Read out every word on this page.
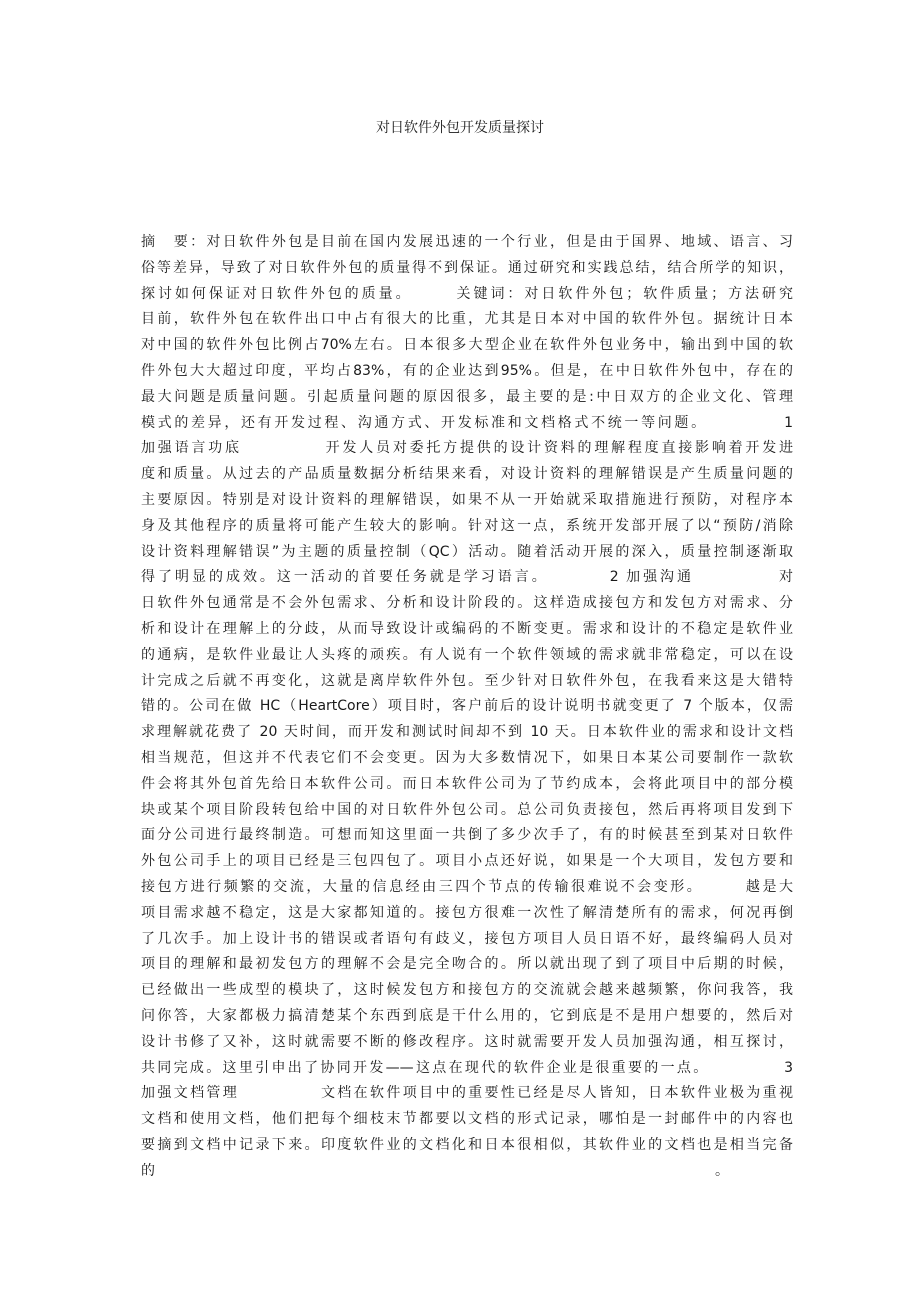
对日软件外包开发质量探讨
摘　要：对日软件外包是目前在国内发展迅速的一个行业，但是由于国界、地域、语言、习
俗等差异，导致了对日软件外包的质量得不到保证。通过研究和实践总结，结合所学的知识，
探讨如何保证对日软件外包的质量。　　　关键词：对日软件外包；软件质量；方法研究
目前，软件外包在软件出口中占有很大的比重，尤其是日本对中国的软件外包。据统计日本
对中国的软件外包比例占70%左右。日本很多大型企业在软件外包业务中，输出到中国的软
件外包大大超过印度，平均占83%，有的企业达到95%。但是，在中日软件外包中，存在的
最大问题是质量问题。引起质量问题的原因很多，最主要的是:中日双方的企业文化、管理
模式的差异，还有开发过程、沟通方式、开发标准和文档格式不统一等问题。　　　　　1
加强语言功底　　　　　开发人员对委托方提供的设计资料的理解程度直接影响着开发进
度和质量。从过去的产品质量数据分析结果来看，对设计资料的理解错误是产生质量问题的
主要原因。特别是对设计资料的理解错误，如果不从一开始就采取措施进行预防，对程序本
身及其他程序的质量将可能产生较大的影响。针对这一点，系统开发部开展了以“预防/消除
设计资料理解错误”为主题的质量控制（QC）活动。随着活动开展的深入，质量控制逐渐取
得了明显的成效。这一活动的首要任务就是学习语言。　　　　2 加强沟通　　　　　对
日软件外包通常是不会外包需求、分析和设计阶段的。这样造成接包方和发包方对需求、分
析和设计在理解上的分歧，从而导致设计或编码的不断变更。需求和设计的不稳定是软件业
的通病，是软件业最让人头疼的顽疾。有人说有一个软件领域的需求就非常稳定，可以在设
计完成之后就不再变化，这就是离岸软件外包。至少针对日软件外包，在我看来这是大错特
错的。公司在做 HC（HeartCore）项目时，客户前后的设计说明书就变更了 7 个版本，仅需
求理解就花费了 20 天时间，而开发和测试时间却不到 10 天。日本软件业的需求和设计文档
相当规范，但这并不代表它们不会变更。因为大多数情况下，如果日本某公司要制作一款软
件会将其外包首先给日本软件公司。而日本软件公司为了节约成本，会将此项目中的部分模
块或某个项目阶段转包给中国的对日软件外包公司。总公司负责接包，然后再将项目发到下
面分公司进行最终制造。可想而知这里面一共倒了多少次手了，有的时候甚至到某对日软件
外包公司手上的项目已经是三包四包了。项目小点还好说，如果是一个大项目，发包方要和
接包方进行频繁的交流，大量的信息经由三四个节点的传输很难说不会变形。　　　越是大
项目需求越不稳定，这是大家都知道的。接包方很难一次性了解清楚所有的需求，何况再倒
了几次手。加上设计书的错误或者语句有歧义，接包方项目人员日语不好，最终编码人员对
项目的理解和最初发包方的理解不会是完全吻合的。所以就出现了到了项目中后期的时候，
已经做出一些成型的模块了，这时候发包方和接包方的交流就会越来越频繁，你问我答，我
问你答，大家都极力搞清楚某个东西到底是干什么用的，它到底是不是用户想要的，然后对
设计书修了又补，这时就需要不断的修改程序。这时就需要开发人员加强沟通，相互探讨，
共同完成。这里引申出了协同开发——这点在现代的软件企业是很重要的一点。　　　　　3
加强文档管理　　　　　文档在软件项目中的重要性已经是尽人皆知，日本软件业极为重视
文档和使用文档，他们把每个细枝末节都要以文档的形式记录，哪怕是一封邮件中的内容也
要摘到文档中记录下来。印度软件业的文档化和日本很相似，其软件业的文档也是相当完备
的　　　　　　　　　　　　　　　　　　　　　　　　　　　　　　　　　　　　　　　　。
